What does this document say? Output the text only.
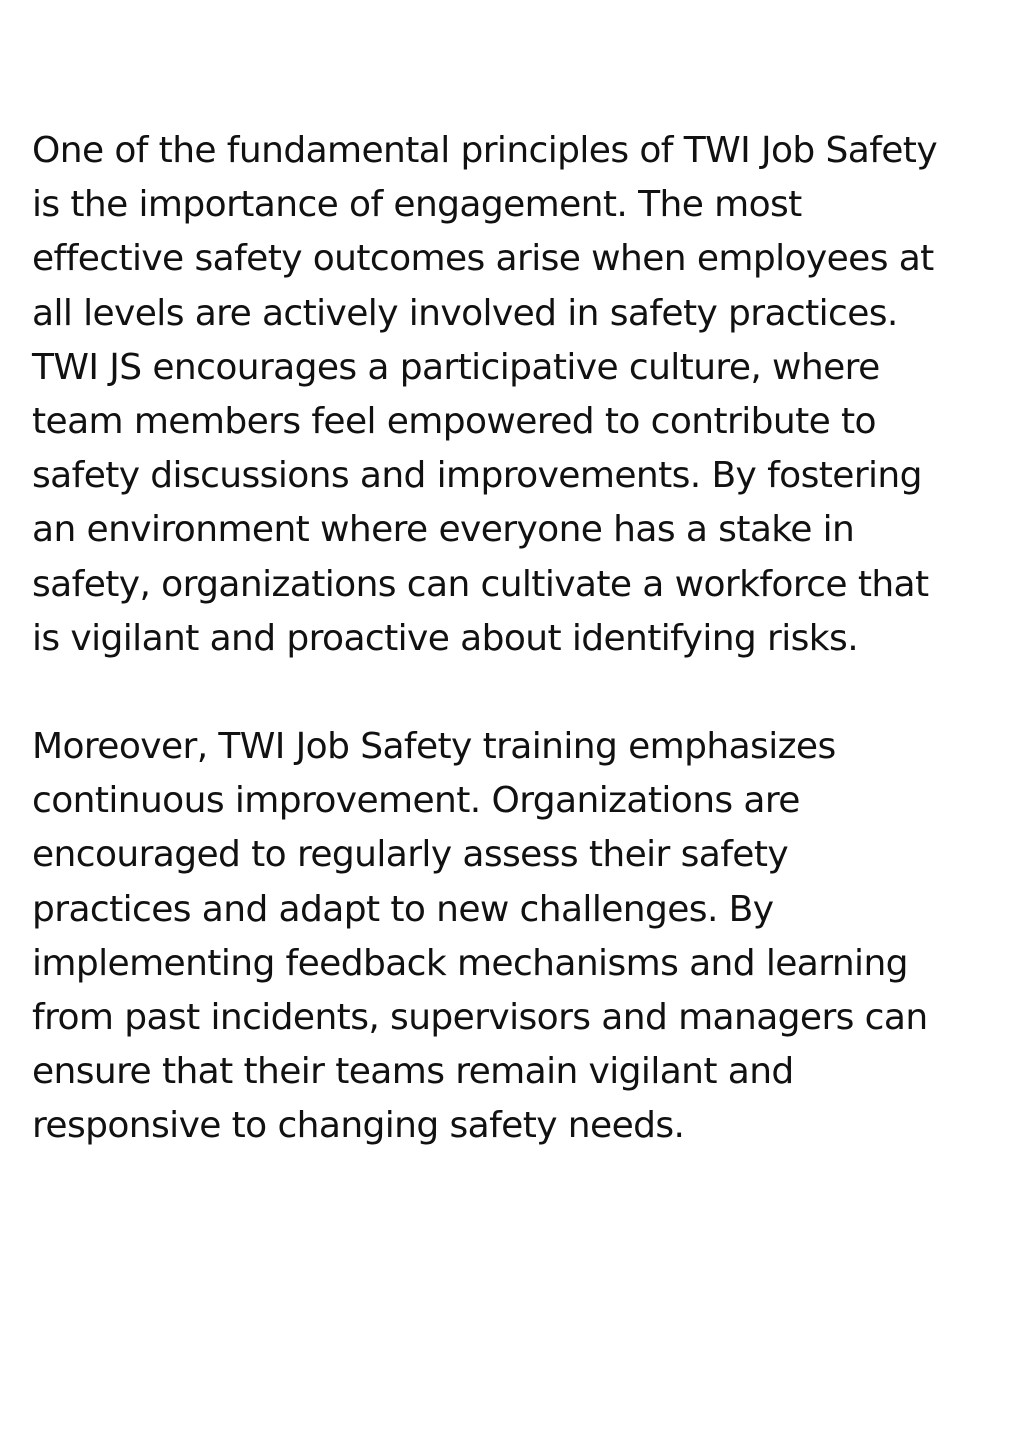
One of the fundamental principles of TWI Job Safety
is the importance of engagement. The most
effective safety outcomes arise when employees at
all levels are actively involved in safety practices.
TWI JS encourages a participative culture, where
team members feel empowered to contribute to
safety discussions and improvements. By fostering
an environment where everyone has a stake in
safety, organizations can cultivate a workforce that
is vigilant and proactive about identifying risks.
Moreover, TWI Job Safety training emphasizes
continuous improvement. Organizations are
encouraged to regularly assess their safety
practices and adapt to new challenges. By
implementing feedback mechanisms and learning
from past incidents, supervisors and managers can
ensure that their teams remain vigilant and
responsive to changing safety needs.
